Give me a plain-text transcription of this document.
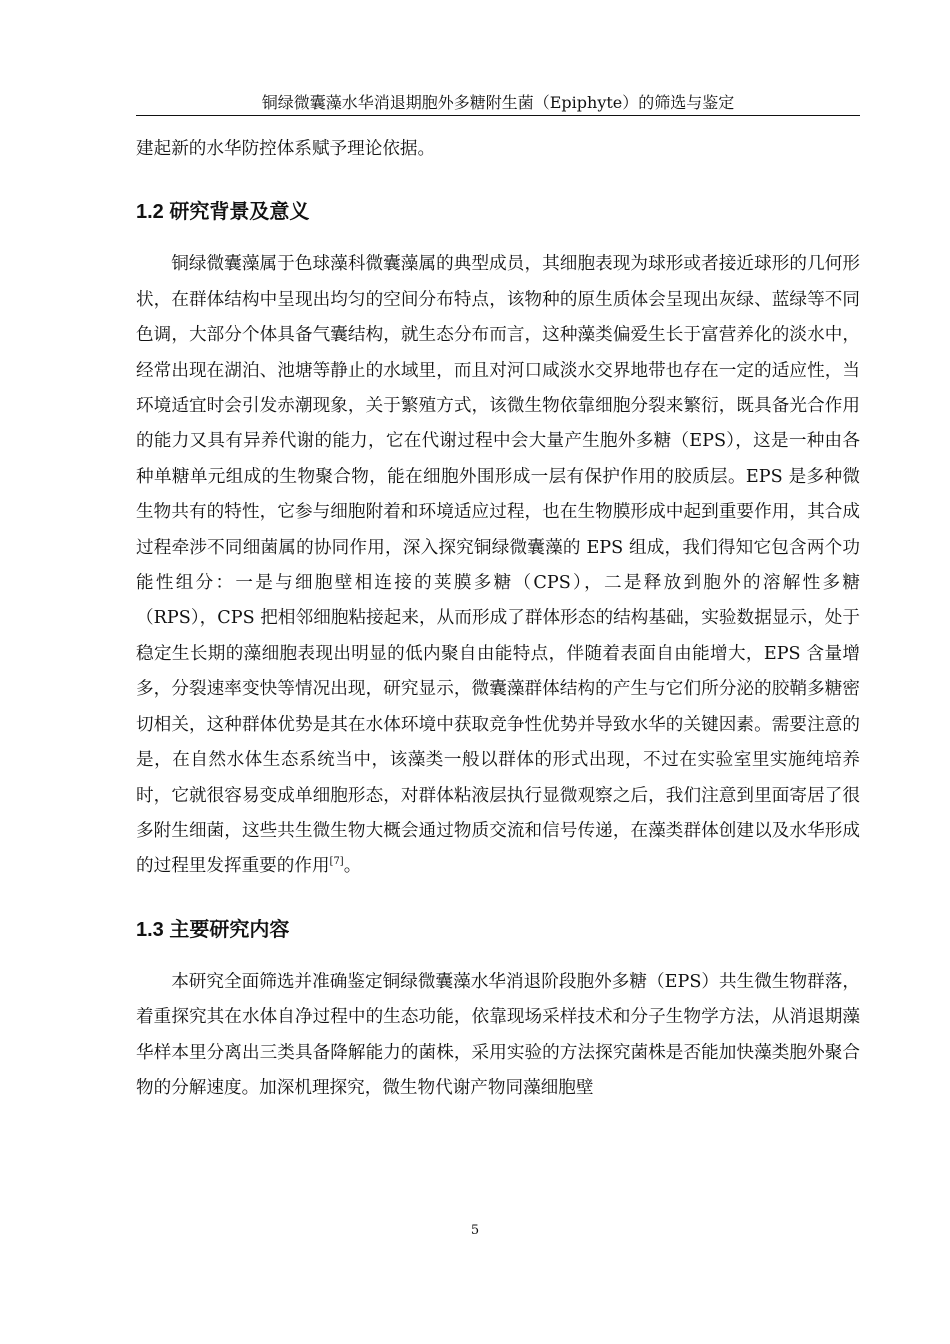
铜绿微囊藻水华消退期胞外多糖附生菌（Epiphyte）的筛选与鉴定

建起新的水华防控体系赋予理论依据。

1.2 研究背景及意义

铜绿微囊藻属于色球藻科微囊藻属的典型成员，其细胞表现为球形或者接近球形的几何形状，在群体结构中呈现出均匀的空间分布特点，该物种的原生质体会呈现出灰绿、蓝绿等不同色调，大部分个体具备气囊结构，就生态分布而言，这种藻类偏爱生长于富营养化的淡水中，经常出现在湖泊、池塘等静止的水域里，而且对河口咸淡水交界地带也存在一定的适应性，当环境适宜时会引发赤潮现象，关于繁殖方式，该微生物依靠细胞分裂来繁衍，既具备光合作用的能力又具有异养代谢的能力，它在代谢过程中会大量产生胞外多糖（EPS），这是一种由各种单糖单元组成的生物聚合物，能在细胞外围形成一层有保护作用的胶质层。EPS 是多种微生物共有的特性，它参与细胞附着和环境适应过程，也在生物膜形成中起到重要作用，其合成过程牵涉不同细菌属的协同作用，深入探究铜绿微囊藻的 EPS 组成，我们得知它包含两个功能性组分：一是与细胞壁相连接的荚膜多糖（CPS），二是释放到胞外的溶解性多糖（RPS），CPS 把相邻细胞粘接起来，从而形成了群体形态的结构基础，实验数据显示，处于稳定生长期的藻细胞表现出明显的低内聚自由能特点，伴随着表面自由能增大，EPS 含量增多，分裂速率变快等情况出现，研究显示，微囊藻群体结构的产生与它们所分泌的胶鞘多糖密切相关，这种群体优势是其在水体环境中获取竞争性优势并导致水华的关键因素。需要注意的是，在自然水体生态系统当中，该藻类一般以群体的形式出现，不过在实验室里实施纯培养时，它就很容易变成单细胞形态，对群体粘液层执行显微观察之后，我们注意到里面寄居了很多附生细菌，这些共生微生物大概会通过物质交流和信号传递，在藻类群体创建以及水华形成的过程里发挥重要的作用[7]。

1.3 主要研究内容

本研究全面筛选并准确鉴定铜绿微囊藻水华消退阶段胞外多糖（EPS）共生微生物群落，着重探究其在水体自净过程中的生态功能，依靠现场采样技术和分子生物学方法，从消退期藻华样本里分离出三类具备降解能力的菌株，采用实验的方法探究菌株是否能加快藻类胞外聚合物的分解速度。加深机理探究，微生物代谢产物同藻细胞壁

5
